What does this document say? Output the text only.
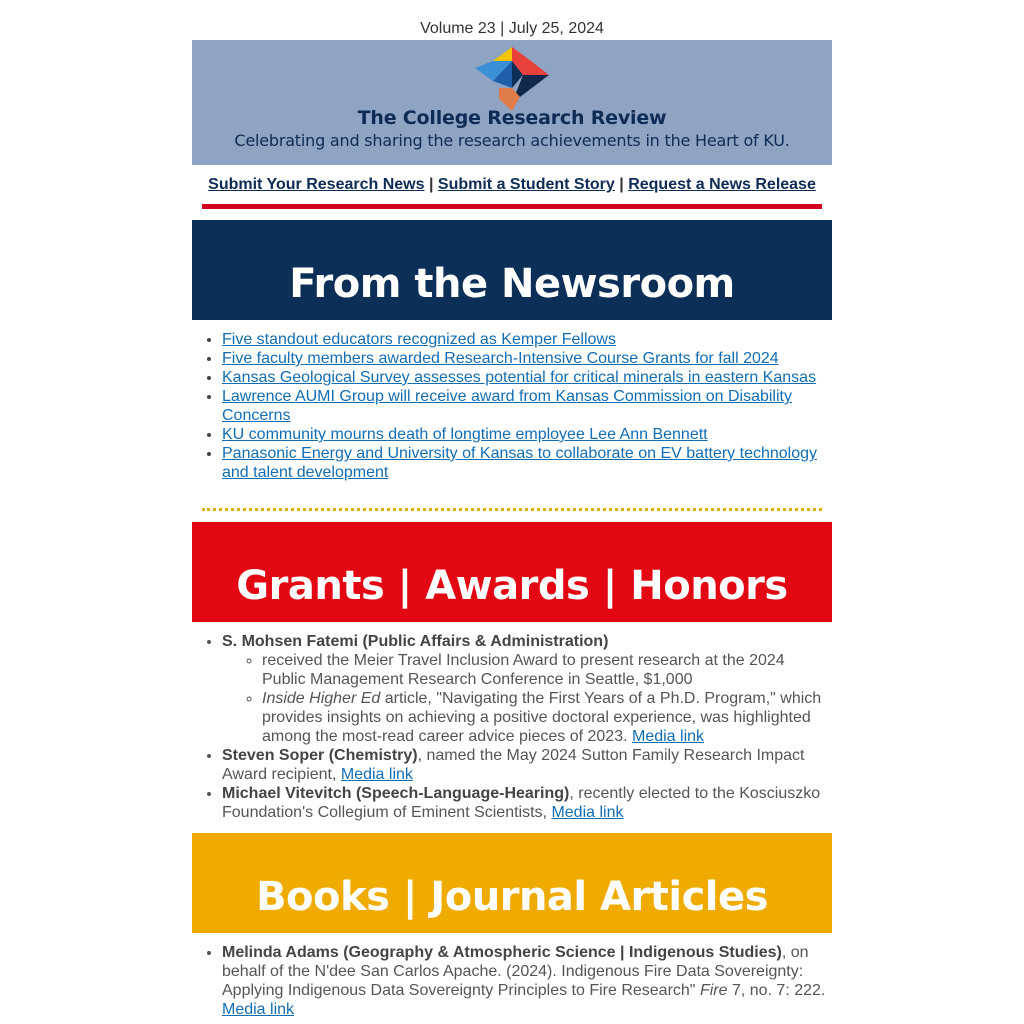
Volume 23 | July 25, 2024
The College Research Review
Celebrating and sharing the research achievements in the Heart of KU.
Submit Your Research News | Submit a Student Story | Request a News Release
From the Newsroom
• Five standout educators recognized as Kemper Fellows
• Five faculty members awarded Research-Intensive Course Grants for fall 2024
• Kansas Geological Survey assesses potential for critical minerals in eastern Kansas
• Lawrence AUMI Group will receive award from Kansas Commission on Disability Concerns
• KU community mourns death of longtime employee Lee Ann Bennett
• Panasonic Energy and University of Kansas to collaborate on EV battery technology and talent development
Grants | Awards | Honors
• S. Mohsen Fatemi (Public Affairs & Administration)
◦ received the Meier Travel Inclusion Award to present research at the 2024 Public Management Research Conference in Seattle, $1,000
◦ Inside Higher Ed article, "Navigating the First Years of a Ph.D. Program," which provides insights on achieving a positive doctoral experience, was highlighted among the most-read career advice pieces of 2023. Media link
• Steven Soper (Chemistry), named the May 2024 Sutton Family Research Impact Award recipient, Media link
• Michael Vitevitch (Speech-Language-Hearing), recently elected to the Kosciuszko Foundation's Collegium of Eminent Scientists, Media link
Books | Journal Articles
• Melinda Adams (Geography & Atmospheric Science | Indigenous Studies), on behalf of the N'dee San Carlos Apache. (2024). Indigenous Fire Data Sovereignty: Applying Indigenous Data Sovereignty Principles to Fire Research" Fire 7, no. 7: 222. Media link
